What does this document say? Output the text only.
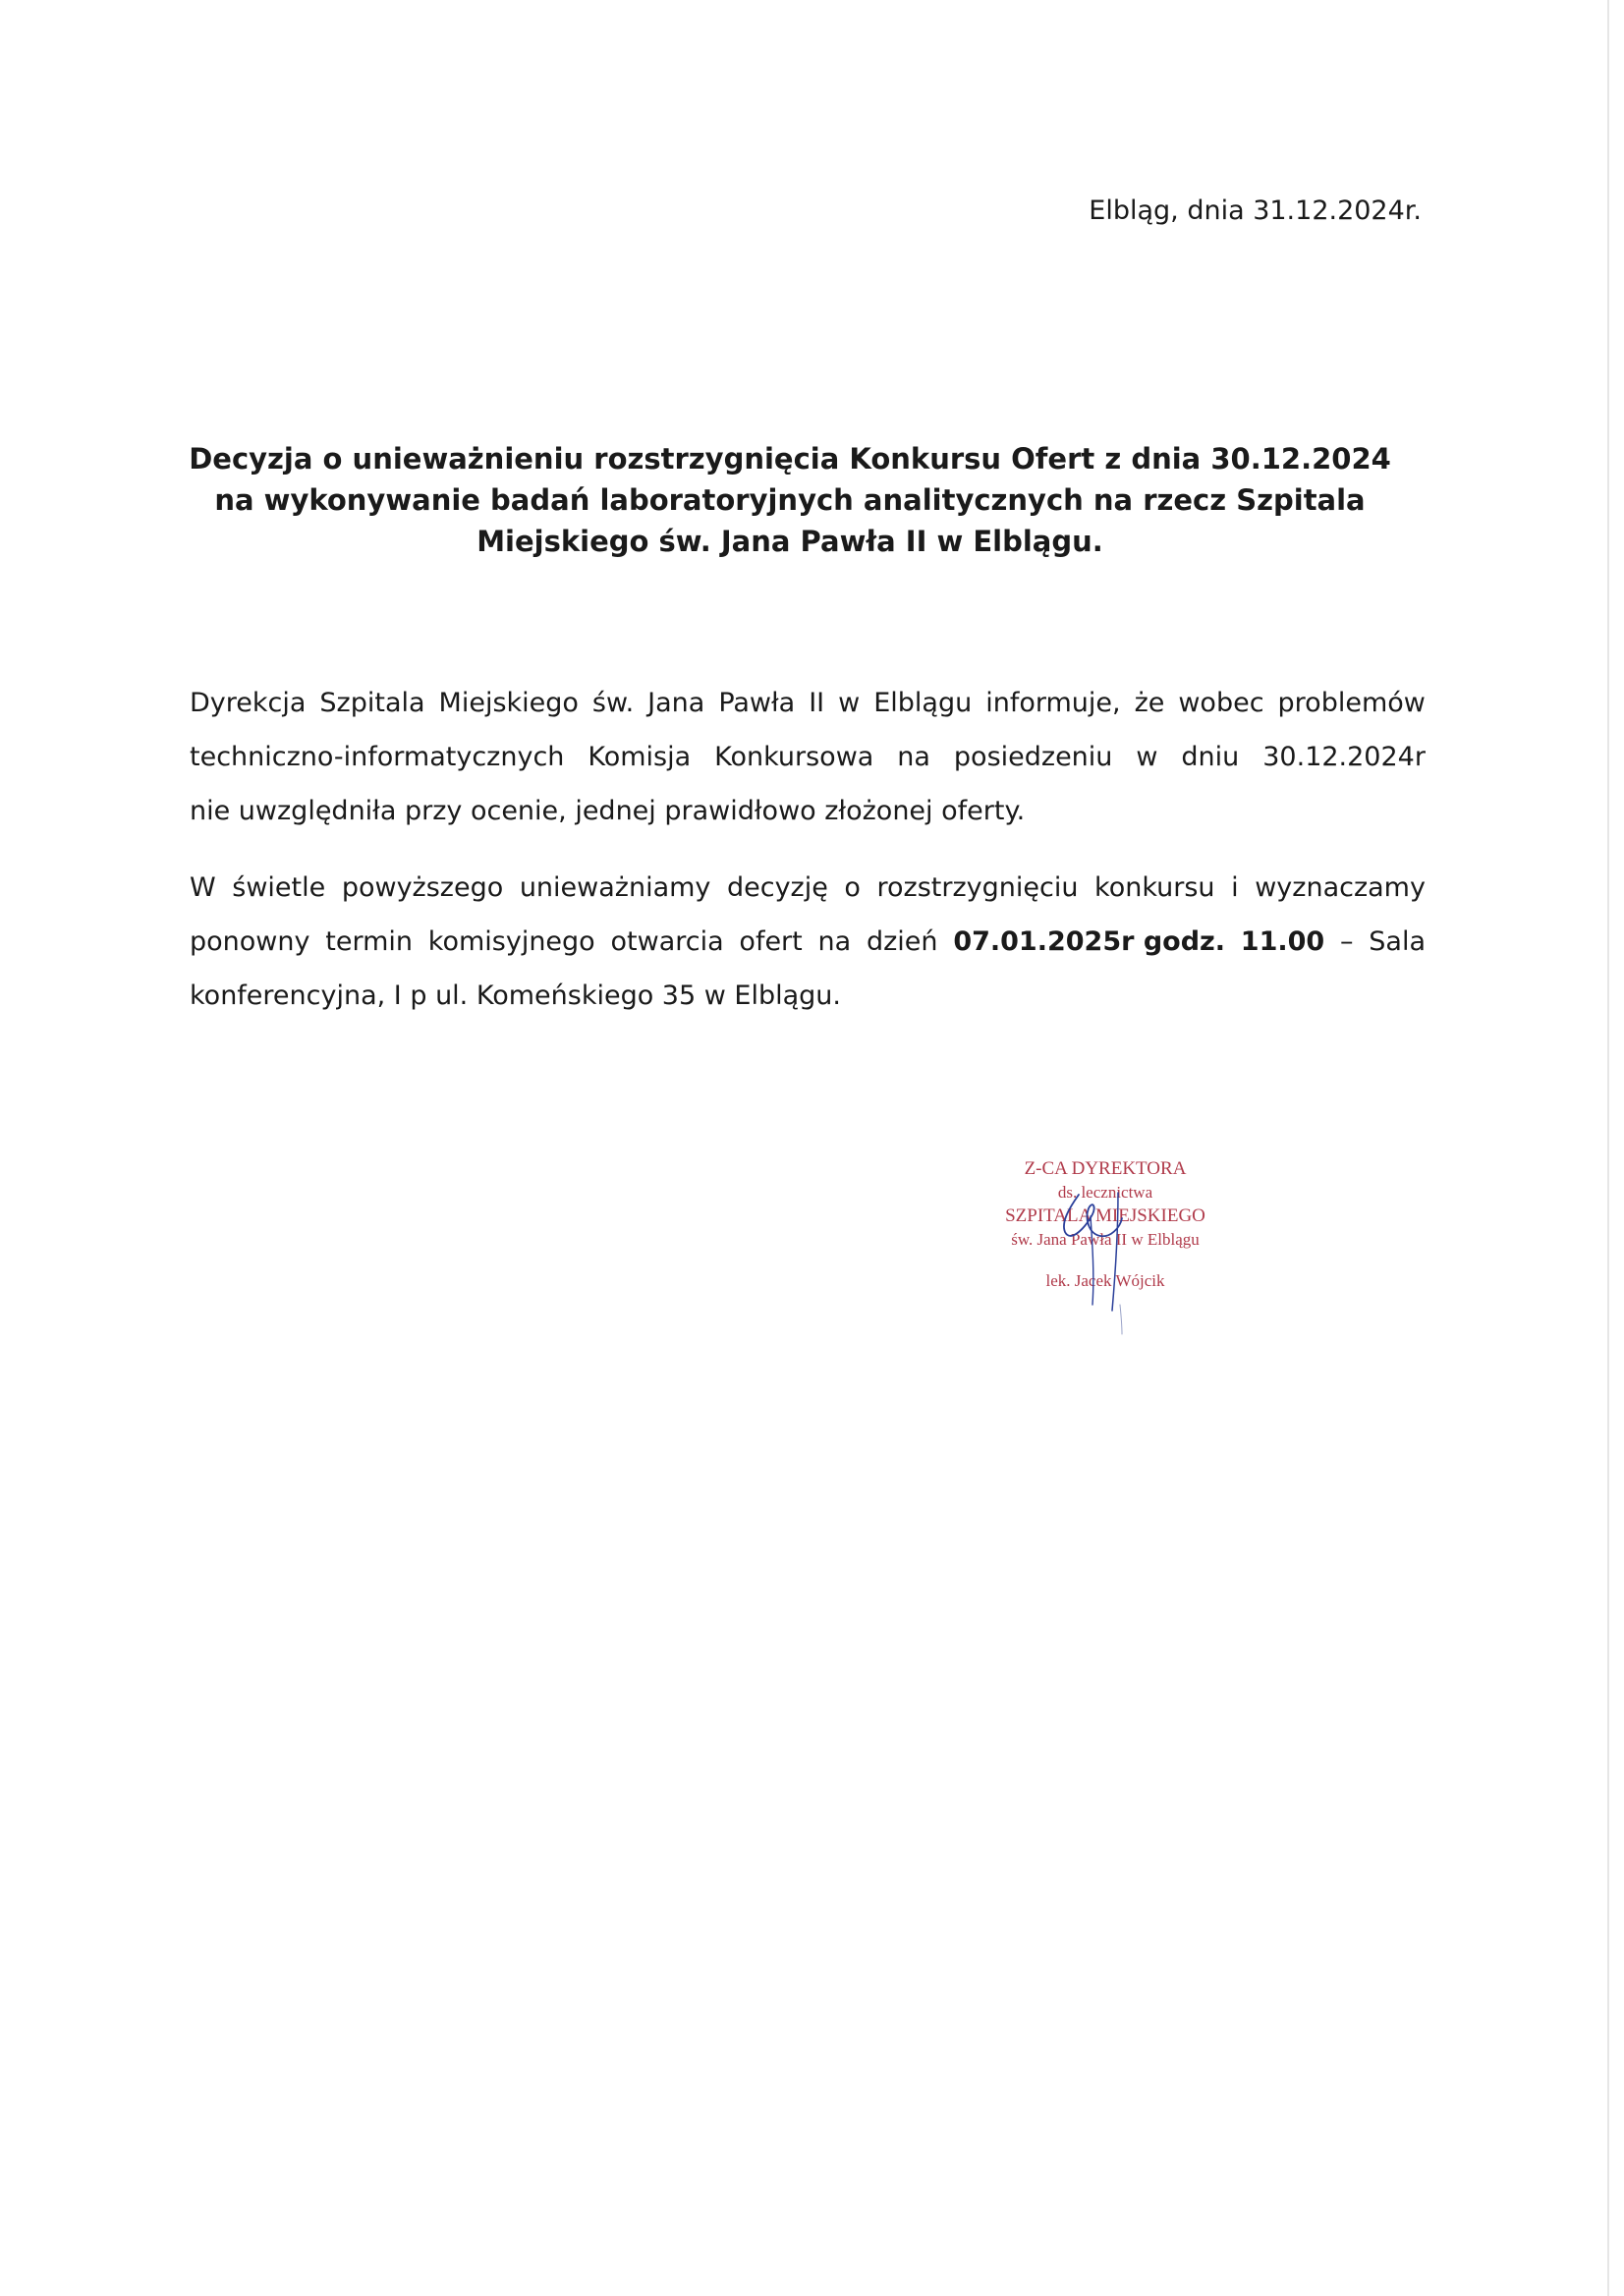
Elbląg, dnia 31.12.2024r.
Decyzja o unieważnieniu rozstrzygnięcia Konkursu Ofert z dnia 30.12.2024
na wykonywanie badań laboratoryjnych analitycznych na rzecz Szpitala
Miejskiego św. Jana Pawła II w Elblągu.
Dyrekcja Szpitala Miejskiego św. Jana Pawła II w Elblągu informuje, że wobec problemów
techniczno-informatycznych Komisja Konkursowa na posiedzeniu w dniu 30.12.2024r
nie uwzględniła przy ocenie, jednej prawidłowo złożonej oferty.
W świetle powyższego unieważniamy decyzję o rozstrzygnięciu konkursu i wyznaczamy
ponowny termin komisyjnego otwarcia ofert na dzień 07.01.2025r godz. 11.00 – Sala
konferencyjna, I p ul. Komeńskiego 35 w Elblągu.
Z-CA DYREKTORA
ds. lecznictwa
SZPITALA MIEJSKIEGO
św. Jana Pawła II w Elblągu
lek. Jacek Wójcik
